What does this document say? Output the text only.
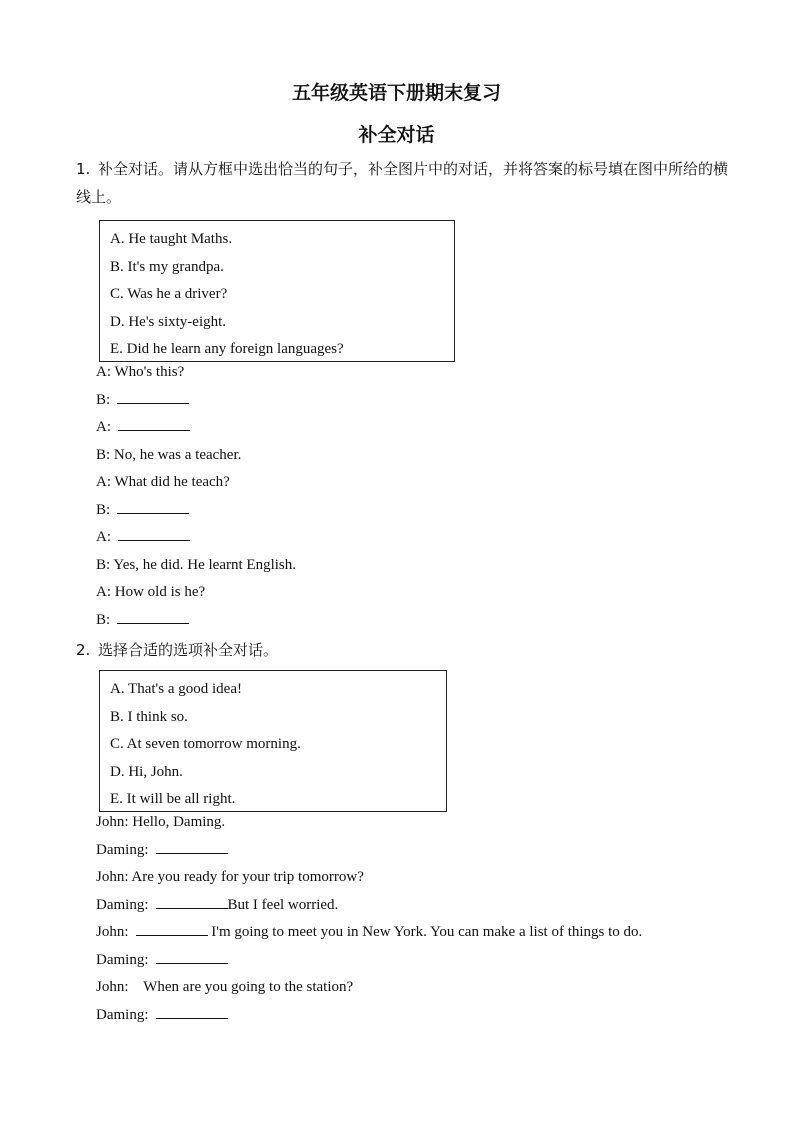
五年级英语下册期末复习
补全对话
1. 补全对话。请从方框中选出恰当的句子，补全图片中的对话，并将答案的标号填在图中所给的横线上。
A. He taught Maths.
B. It's my grandpa.
C. Was he a driver?
D. He's sixty-eight.
E. Did he learn any foreign languages?
A: Who's this?
B:
A:
B: No, he was a teacher.
A: What did he teach?
B:
A:
B: Yes, he did. He learnt English.
A: How old is he?
B:
2. 选择合适的选项补全对话。
A. That's a good idea!
B. I think so.
C. At seven tomorrow morning.
D. Hi, John.
E. It will be all right.
John: Hello, Daming.
Daming:
John: Are you ready for your trip tomorrow?
Daming:	But I feel worried.
John:	I'm going to meet you in New York. You can make a list of things to do.
Daming:
John:    When are you going to the station?
Daming:
